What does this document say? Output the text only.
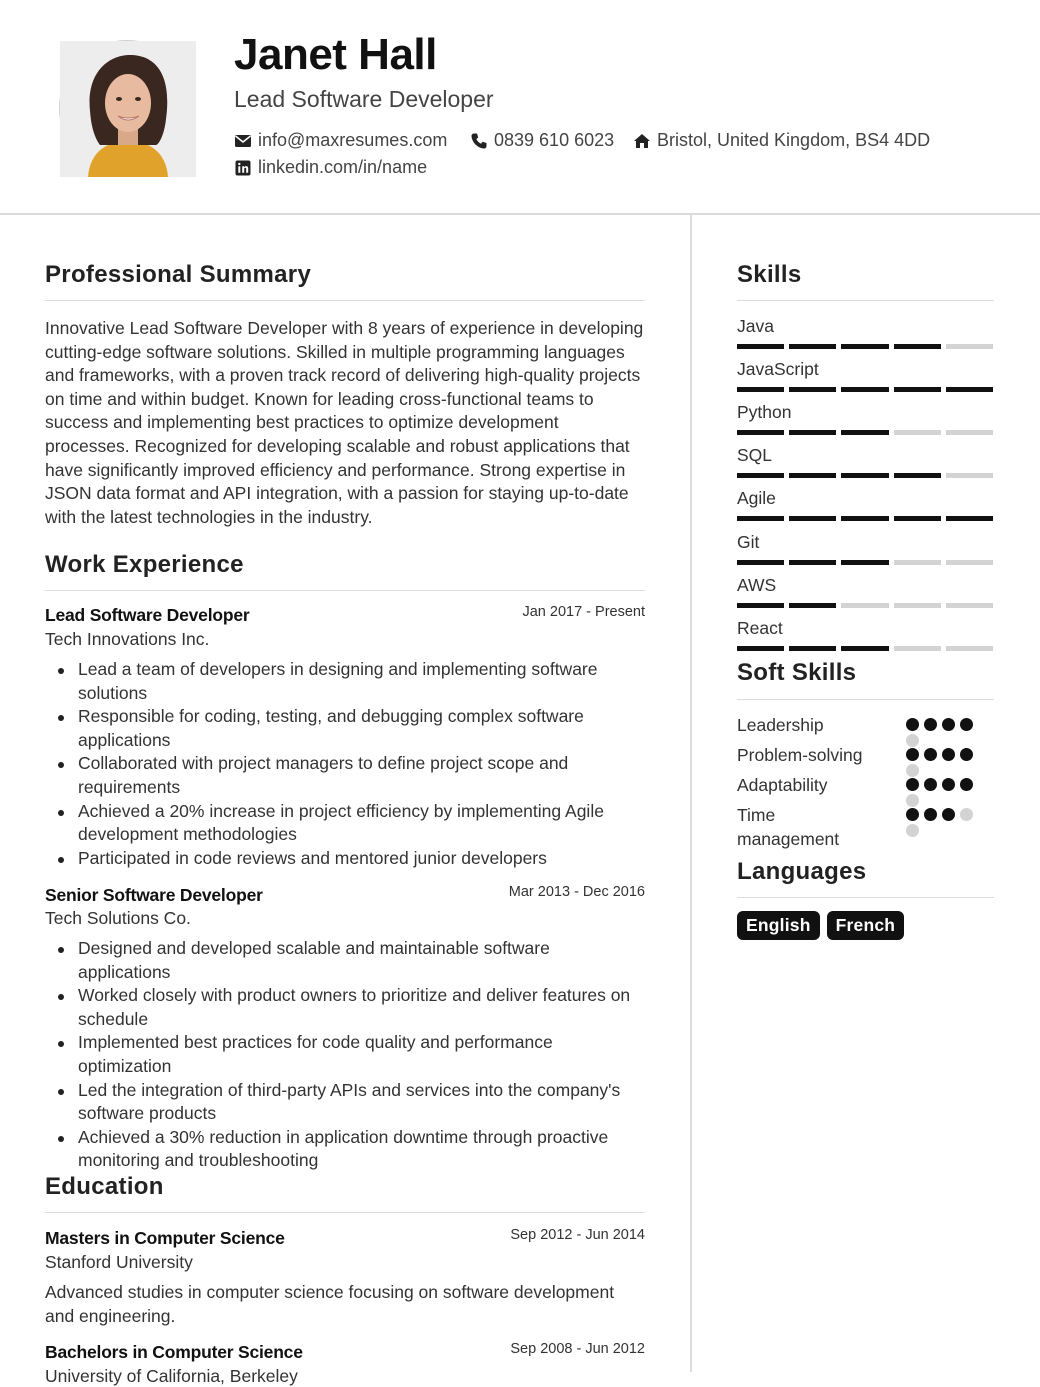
Janet Hall
Lead Software Developer
info@maxresumes.com	0839 610 6023 Bristol, United Kingdom, BS4 4DD
linkedin.com/in/name
Professional Summary
Innovative Lead Software Developer with 8 years of experience in developing cutting-edge software solutions. Skilled in multiple programming languages and frameworks, with a proven track record of delivering high-quality projects on time and within budget. Known for leading cross-functional teams to success and implementing best practices to optimize development processes. Recognized for developing scalable and robust applications that have significantly improved efficiency and performance. Strong expertise in JSON data format and API integration, with a passion for staying up-to-date with the latest technologies in the industry.
Work Experience
Lead Software Developer	Jan 2017 - Present
Tech Innovations Inc.
Lead a team of developers in designing and implementing software solutions
Responsible for coding, testing, and debugging complex software applications
Collaborated with project managers to define project scope and requirements
Achieved a 20% increase in project efficiency by implementing Agile development methodologies
Participated in code reviews and mentored junior developers
Senior Software Developer	Mar 2013 - Dec 2016
Tech Solutions Co.
Designed and developed scalable and maintainable software applications
Worked closely with product owners to prioritize and deliver features on schedule
Implemented best practices for code quality and performance optimization
Led the integration of third-party APIs and services into the company's software products
Achieved a 30% reduction in application downtime through proactive monitoring and troubleshooting
Education
Masters in Computer Science	Sep 2012 - Jun 2014
Stanford University
Advanced studies in computer science focusing on software development and engineering.
Bachelors in Computer Science	Sep 2008 - Jun 2012
University of California, Berkeley
Skills
Java
JavaScript
Python
SQL
Agile
Git
AWS
React
Soft Skills
Leadership
Problem-solving
Adaptability
Time management
Languages
English	French
